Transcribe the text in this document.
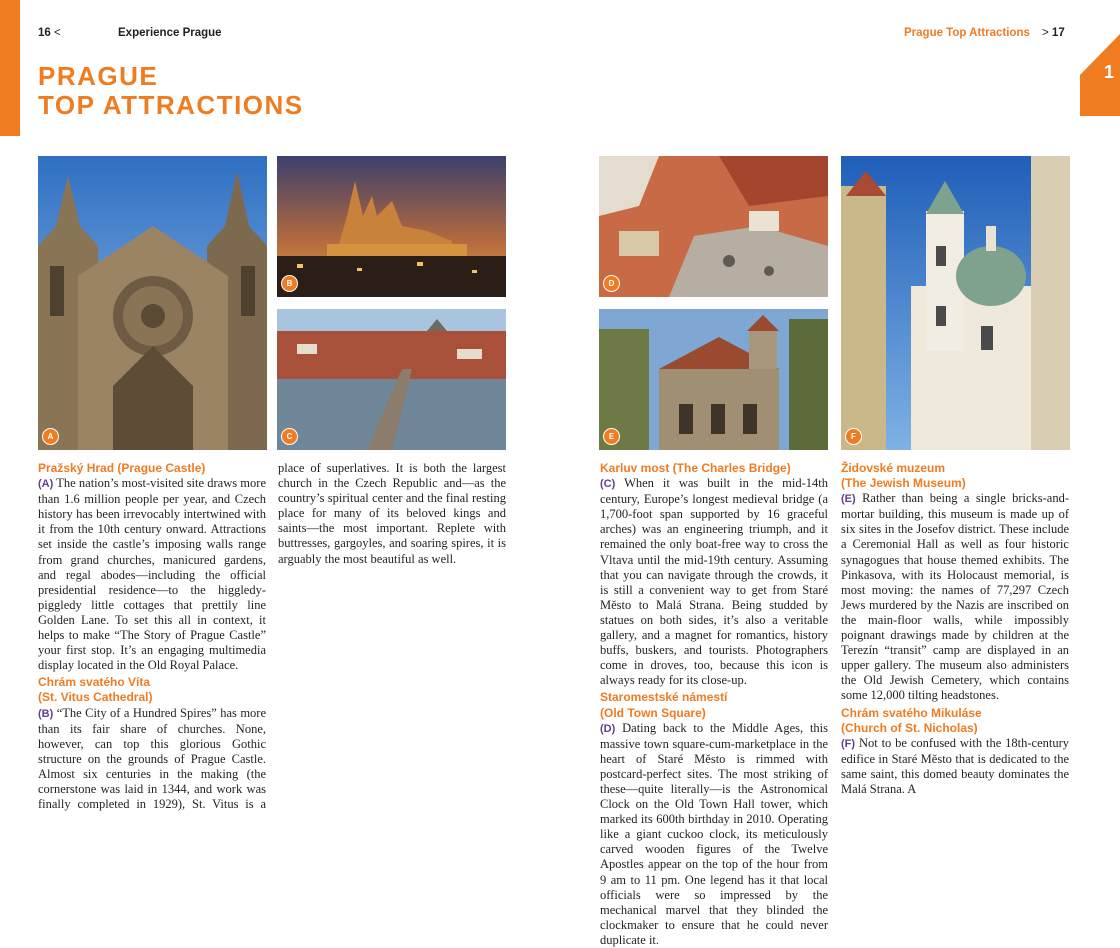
1
16 <	Experience Prague	Prague Top Attractions > 17
PRAGUE
TOP ATTRACTIONS
A
B
C
D
E	F
Pražský Hrad (Prague Castle)

(A) The nation’s most-visited site draws more than 1.6 million people per year, and Czech history has been irrevocably intertwined with it from the 10th century onward. Attractions set inside the castle’s imposing walls range from grand churches, manicured gardens, and regal abodes—including the official presidential residence—to the higgledy-piggledy little cottages that prettily line Golden Lane. To set this all in context, it helps to make “The Story of Prague Castle” your first stop. It’s an engaging multimedia display located in the Old Royal Palace.

Chrám svatého Víta
(St. Vitus Cathedral)

(B) “The City of a Hundred Spires” has more than its fair share of churches. None, however, can top this glorious Gothic structure on the grounds of Prague Castle. Almost six centuries in the making (the cornerstone was laid in 1344, and work was finally completed in 1929), St. Vitus is a place of superlatives. It is both the largest church in the Czech Republic and—as the country’s spiritual center and the final resting place for many of its beloved kings and saints—the most important. Replete with buttresses, gargoyles, and soaring spires, it is arguably the most beautiful as well.

Karluv most (The Charles Bridge)

(C) When it was built in the mid-14th century, Europe’s longest medieval bridge (a 1,700-foot span supported by 16 graceful arches) was an engineering triumph, and it remained the only boat-free way to cross the Vltava until the mid-19th century. Assuming that you can navigate through the crowds, it is still a convenient way to get from Staré Město to Malá Strana. Being studded by statues on both sides, it’s also a veritable gallery, and a magnet for romantics, history buffs, buskers, and tourists. Photographers come in droves, too, because this icon is always ready for its close-up.

Staromestské námestí
(Old Town Square)

(D) Dating back to the Middle Ages, this massive town square-cum-marketplace in the heart of Staré Město is rimmed with postcard-perfect sites. The most striking of these—quite literally—is the Astronomical Clock on the Old Town Hall tower, which marked its 600th birthday in 2010. Operating like a giant cuckoo clock, its meticulously carved wooden figures of the Twelve Apostles appear on the top of the hour from 9 am to 11 pm. One legend has it that local officials were so impressed by the mechanical marvel that they blinded the clockmaker to ensure that he could never duplicate it.

Židovské muzeum
(The Jewish Museum)

(E) Rather than being a single bricks-and-mortar building, this museum is made up of six sites in the Josefov district. These include a Ceremonial Hall as well as four historic synagogues that house themed exhibits. The Pinkasova, with its Holocaust memorial, is most moving: the names of 77,297 Czech Jews murdered by the Nazis are inscribed on the main-floor walls, while impossibly poignant drawings made by children at the Terezín “transit” camp are displayed in an upper gallery. The museum also administers the Old Jewish Cemetery, which contains some 12,000 tilting headstones.

Chrám svatého Mikuláse
(Church of St. Nicholas)

(F) Not to be confused with the 18th-century edifice in Staré Město that is dedicated to the same saint, this domed beauty dominates the Malá Strana. A
